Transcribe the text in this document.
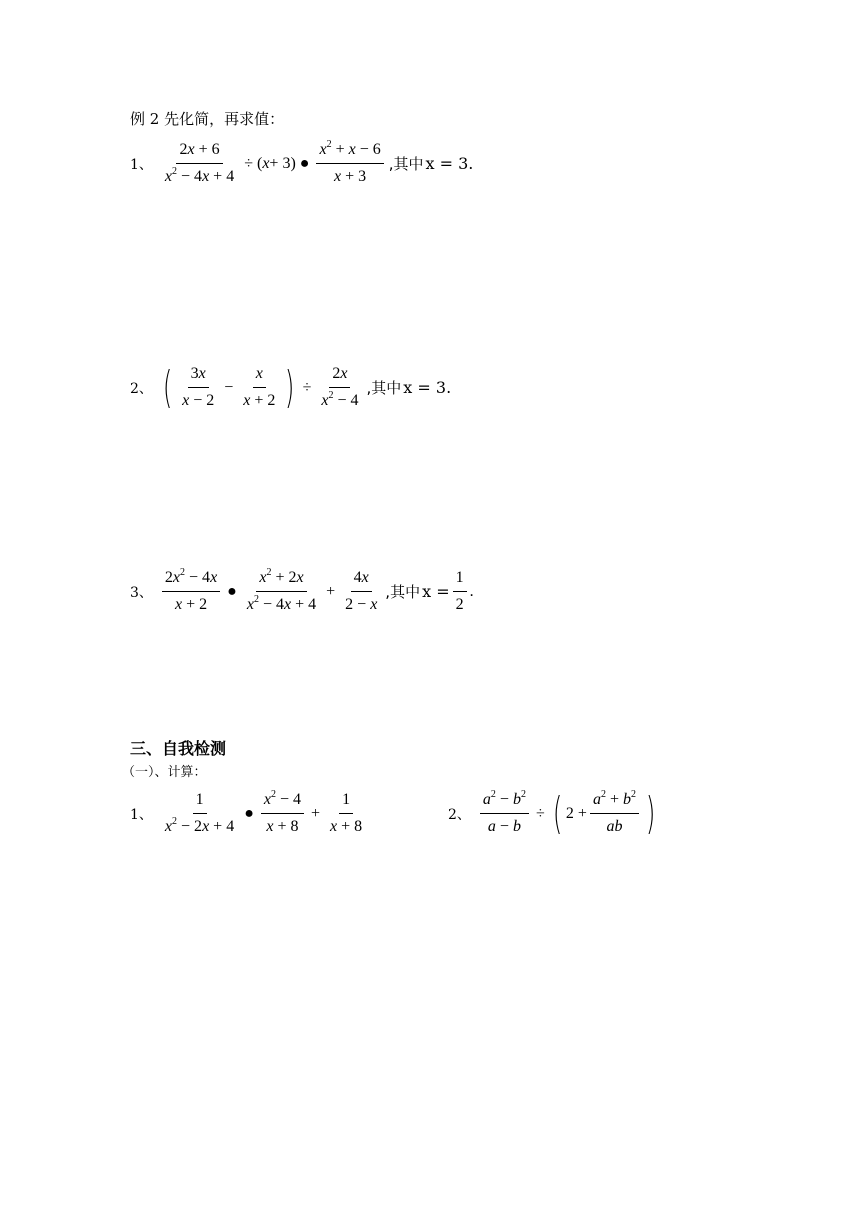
例 2 先化简，再求值：
1、 $\frac{2x + 6}{x^2 - 4x + 4}$ ÷ ( x + 3) ● $\frac{x^2 + x - 6}{x + 3}$ ,其中 x = 3.
2、 ( $\frac{3x}{x - 2} - \frac{x}{x + 2}$ ) ÷ $\frac{2x}{x^2 - 4}$ ,其中 x = 3.
3、 $\frac{2x^2 - 4x}{x + 2}$ ● $\frac{x^2 + 2x}{x^2 - 4x + 4} + \frac{4x}{2 - x}$ ,其中 $x = \frac{1}{2}$ .
三、自我检测
（一）、计算：
1、 $\frac{1}{x^2 - 2x + 4}$ ● $\frac{x^2 - 4}{x + 8} + \frac{1}{x + 8}$	2、 $\frac{a^2 - b^2}{a - b}$ ÷ ( $2 + \frac{a^2 + b^2}{ab}$ )
